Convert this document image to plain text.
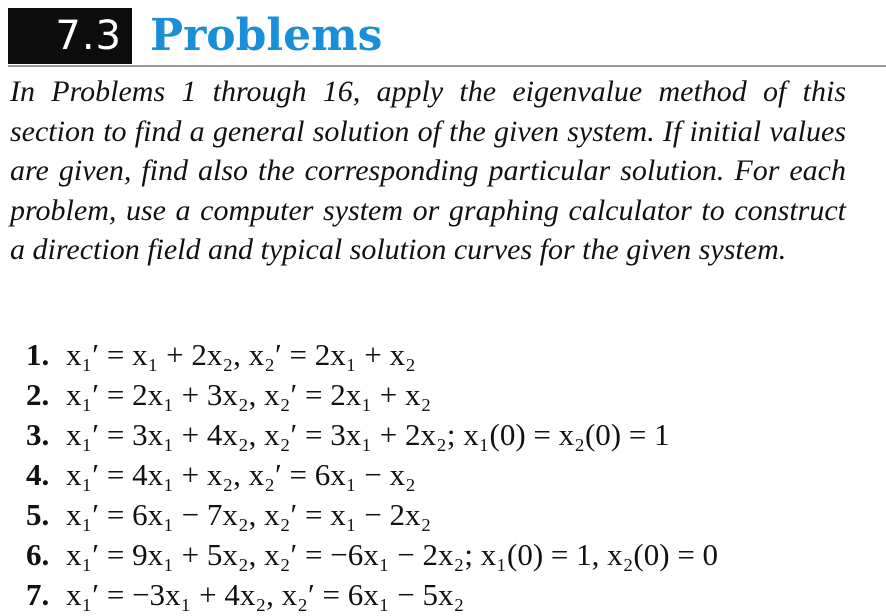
7.3 Problems

In Problems 1 through 16, apply the eigenvalue method of this section to find a general solution of the given system. If initial values are given, find also the corresponding particular solution. For each problem, use a computer system or graphing calculator to construct a direction field and typical solution curves for the given system.

1. x₁′ = x₁ + 2x₂, x₂′ = 2x₁ + x₂
2. x₁′ = 2x₁ + 3x₂, x₂′ = 2x₁ + x₂
3. x₁′ = 3x₁ + 4x₂, x₂′ = 3x₁ + 2x₂; x₁(0) = x₂(0) = 1
4. x₁′ = 4x₁ + x₂, x₂′ = 6x₁ − x₂
5. x₁′ = 6x₁ − 7x₂, x₂′ = x₁ − 2x₂
6. x₁′ = 9x₁ + 5x₂, x₂′ = −6x₁ − 2x₂; x₁(0) = 1, x₂(0) = 0
7. x₁′ = −3x₁ + 4x₂, x₂′ = 6x₁ − 5x₂
